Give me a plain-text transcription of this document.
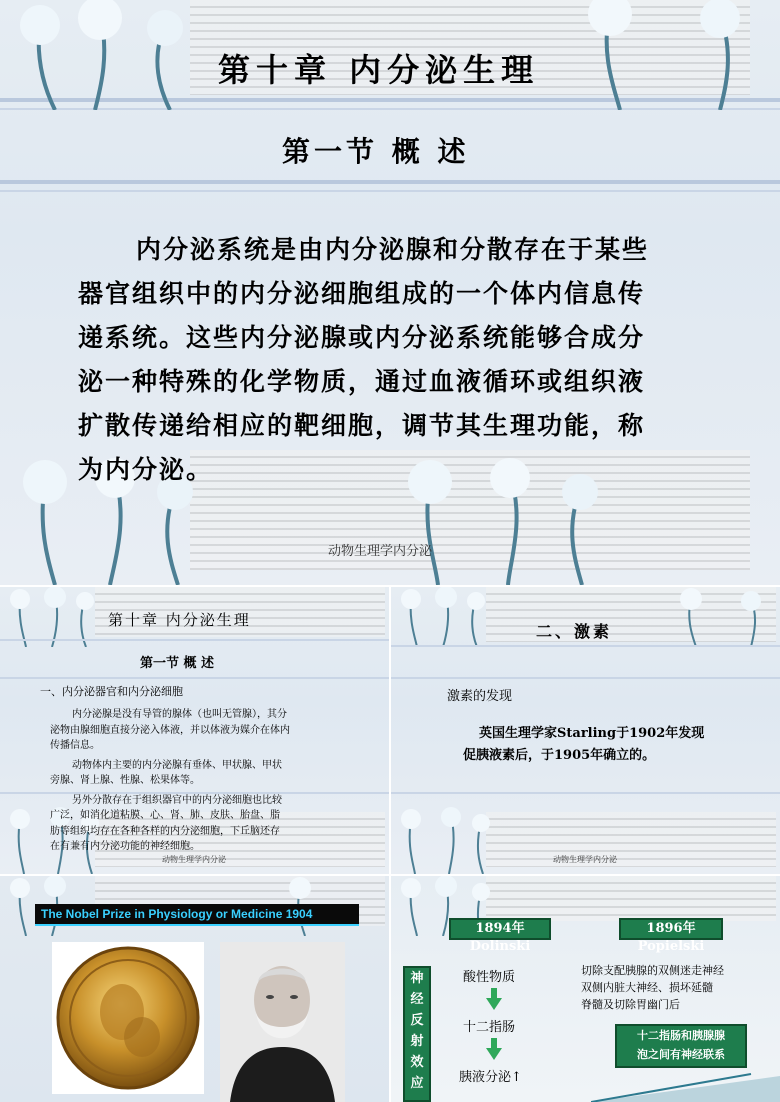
第十章 内分泌生理
第一节 概 述
内分泌系统是由内分泌腺和分散存在于某些
器官组织中的内分泌细胞组成的一个体内信息传
递系统。这些内分泌腺或内分泌系统能够合成分
泌一种特殊的化学物质，通过血液循环或组织液
扩散传递给相应的靶细胞，调节其生理功能，称
为内分泌。
动物生理学内分泌
第十章 内分泌生理
第一节 概 述
一、内分泌器官和内分泌细胞
内分泌腺是没有导管的腺体（也叫无管腺），其分
泌物由腺细胞直接分泌入体液，并以体液为媒介在体内
传播信息。
动物体内主要的内分泌腺有垂体、甲状腺、甲状
旁腺、肾上腺、性腺、松果体等。
另外分散存在于组织器官中的内分泌细胞也比较
广泛，如消化道粘膜、心、肾、肺、皮肤、胎盘、脂
肪等组织均存在各种各样的内分泌细胞，下丘脑还存
在有兼有内分泌功能的神经细胞。
动物生理学内分泌
二、激素
激素的发现
英国生理学家Starling于1902年发现
促胰液素后，于1905年确立的。
动物生理学内分泌
The Nobel Prize in Physiology or Medicine 1904
1894年Dolinski
1896年Popielski
神
经
反
射
效
应
酸性物质
十二指肠
胰液分泌↑
切除支配胰腺的双侧迷走神经
双侧内脏大神经、损坏延髓
脊髓及切除胃幽门后
十二指肠和胰腺腺
泡之间有神经联系
